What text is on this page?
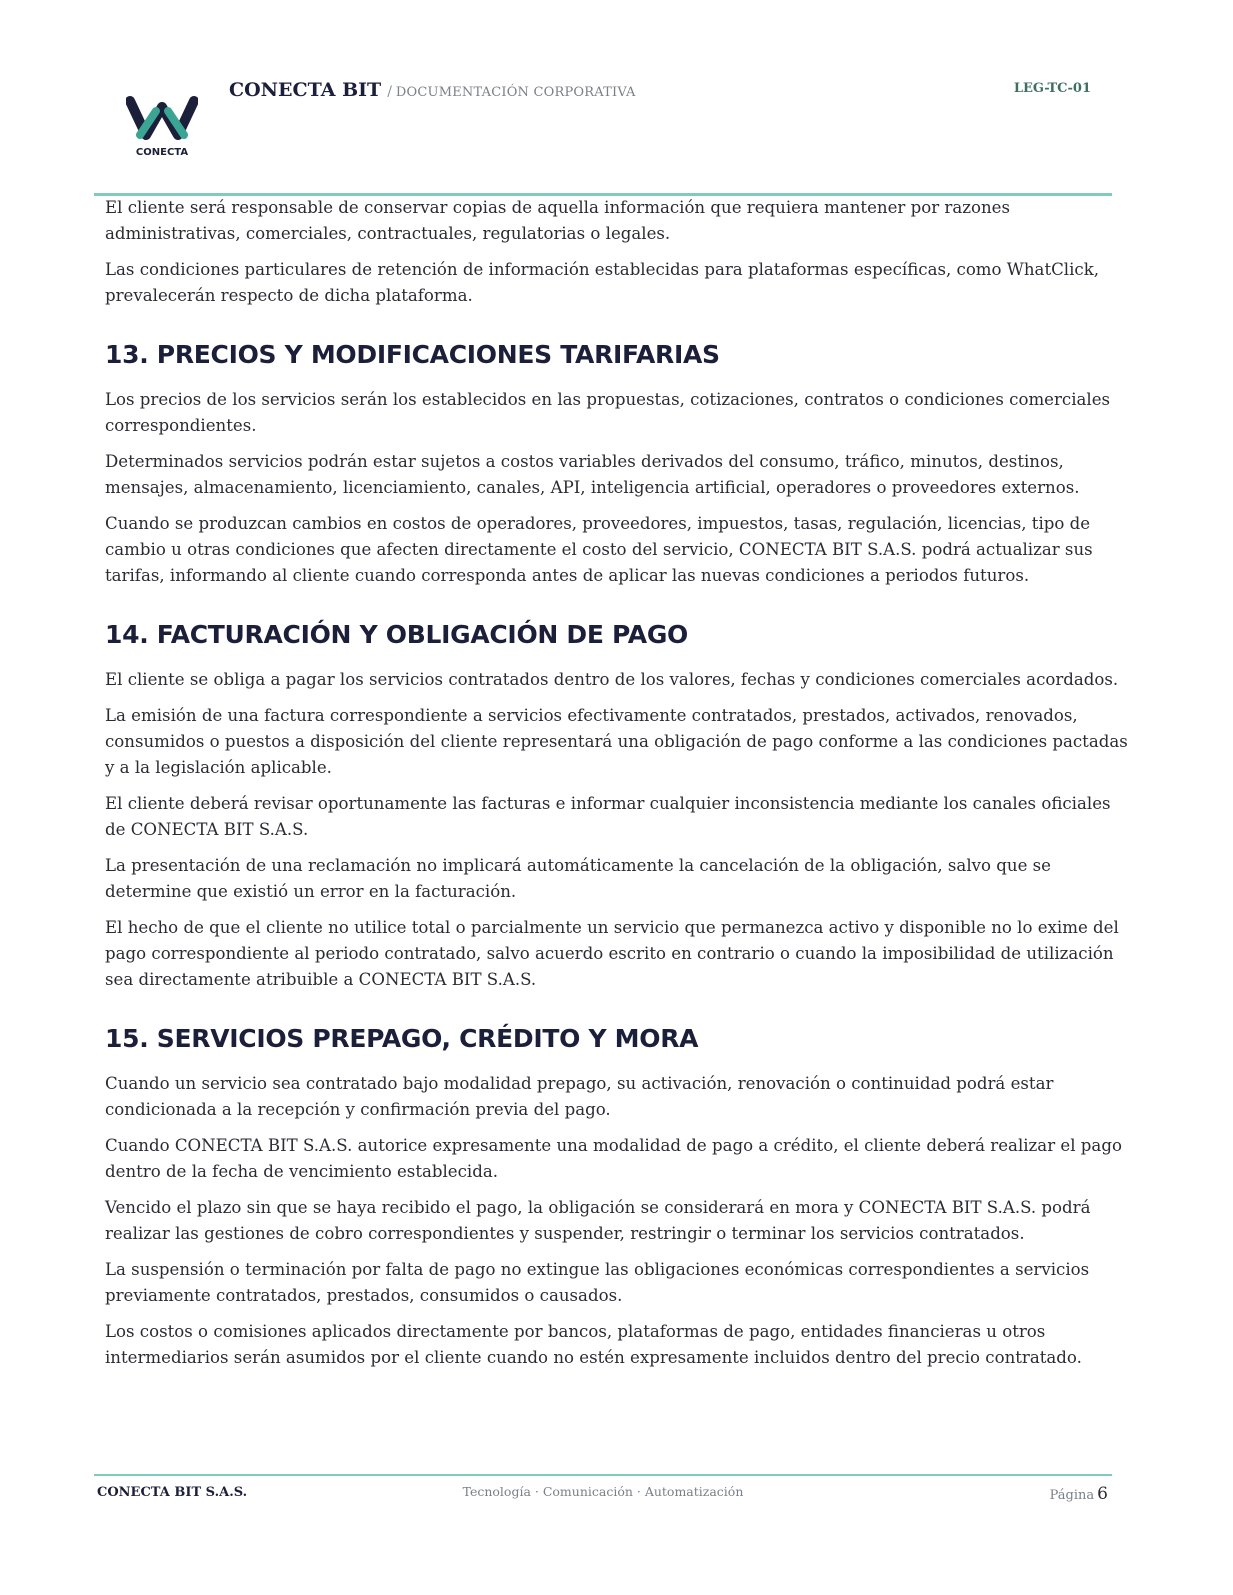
CONECTA
CONECTA BIT / DOCUMENTACIÓN CORPORATIVA	LEG-TC-01

El cliente será responsable de conservar copias de aquella información que requiera mantener por razones administrativas, comerciales, contractuales, regulatorias o legales.

Las condiciones particulares de retención de información establecidas para plataformas específicas, como WhatClick, prevalecerán respecto de dicha plataforma.

13. PRECIOS Y MODIFICACIONES TARIFARIAS

Los precios de los servicios serán los establecidos en las propuestas, cotizaciones, contratos o condiciones comerciales correspondientes.

Determinados servicios podrán estar sujetos a costos variables derivados del consumo, tráfico, minutos, destinos, mensajes, almacenamiento, licenciamiento, canales, API, inteligencia artificial, operadores o proveedores externos.

Cuando se produzcan cambios en costos de operadores, proveedores, impuestos, tasas, regulación, licencias, tipo de cambio u otras condiciones que afecten directamente el costo del servicio, CONECTA BIT S.A.S. podrá actualizar sus tarifas, informando al cliente cuando corresponda antes de aplicar las nuevas condiciones a periodos futuros.

14. FACTURACIÓN Y OBLIGACIÓN DE PAGO

El cliente se obliga a pagar los servicios contratados dentro de los valores, fechas y condiciones comerciales acordados.

La emisión de una factura correspondiente a servicios efectivamente contratados, prestados, activados, renovados, consumidos o puestos a disposición del cliente representará una obligación de pago conforme a las condiciones pactadas y a la legislación aplicable.

El cliente deberá revisar oportunamente las facturas e informar cualquier inconsistencia mediante los canales oficiales de CONECTA BIT S.A.S.

La presentación de una reclamación no implicará automáticamente la cancelación de la obligación, salvo que se determine que existió un error en la facturación.

El hecho de que el cliente no utilice total o parcialmente un servicio que permanezca activo y disponible no lo exime del pago correspondiente al periodo contratado, salvo acuerdo escrito en contrario o cuando la imposibilidad de utilización sea directamente atribuible a CONECTA BIT S.A.S.

15. SERVICIOS PREPAGO, CRÉDITO Y MORA

Cuando un servicio sea contratado bajo modalidad prepago, su activación, renovación o continuidad podrá estar condicionada a la recepción y confirmación previa del pago.

Cuando CONECTA BIT S.A.S. autorice expresamente una modalidad de pago a crédito, el cliente deberá realizar el pago dentro de la fecha de vencimiento establecida.

Vencido el plazo sin que se haya recibido el pago, la obligación se considerará en mora y CONECTA BIT S.A.S. podrá realizar las gestiones de cobro correspondientes y suspender, restringir o terminar los servicios contratados.

La suspensión o terminación por falta de pago no extingue las obligaciones económicas correspondientes a servicios previamente contratados, prestados, consumidos o causados.

Los costos o comisiones aplicados directamente por bancos, plataformas de pago, entidades financieras u otros intermediarios serán asumidos por el cliente cuando no estén expresamente incluidos dentro del precio contratado.

CONECTA BIT S.A.S.	Tecnología · Comunicación · Automatización	Página 6
